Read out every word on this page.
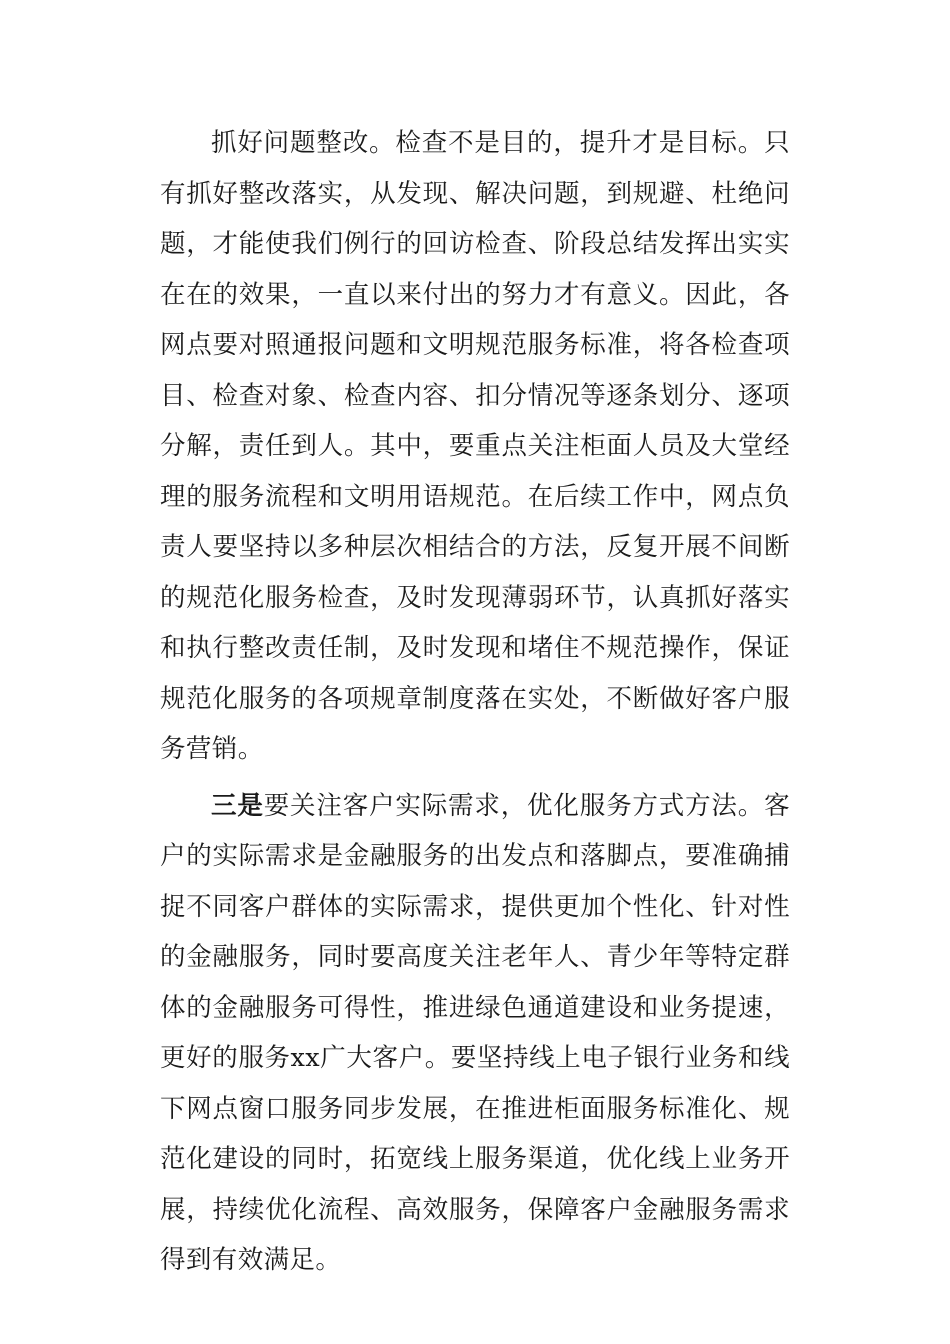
抓好问题整改。检查不是目的，提升才是目标。只有抓好整改落实，从发现、解决问题，到规避、杜绝问题，才能使我们例行的回访检查、阶段总结发挥出实实在在的效果，一直以来付出的努力才有意义。因此，各网点要对照通报问题和文明规范服务标准，将各检查项目、检查对象、检查内容、扣分情况等逐条划分、逐项分解，责任到人。其中，要重点关注柜面人员及大堂经理的服务流程和文明用语规范。在后续工作中，网点负责人要坚持以多种层次相结合的方法，反复开展不间断的规范化服务检查，及时发现薄弱环节，认真抓好落实和执行整改责任制，及时发现和堵住不规范操作，保证规范化服务的各项规章制度落在实处，不断做好客户服务营销。

三是要关注客户实际需求，优化服务方式方法。客户的实际需求是金融服务的出发点和落脚点，要准确捕捉不同客户群体的实际需求，提供更加个性化、针对性的金融服务，同时要高度关注老年人、青少年等特定群体的金融服务可得性，推进绿色通道建设和业务提速，更好的服务xx广大客户。要坚持线上电子银行业务和线下网点窗口服务同步发展，在推进柜面服务标准化、规范化建设的同时，拓宽线上服务渠道，优化线上业务开展，持续优化流程、高效服务，保障客户金融服务需求得到有效满足。
